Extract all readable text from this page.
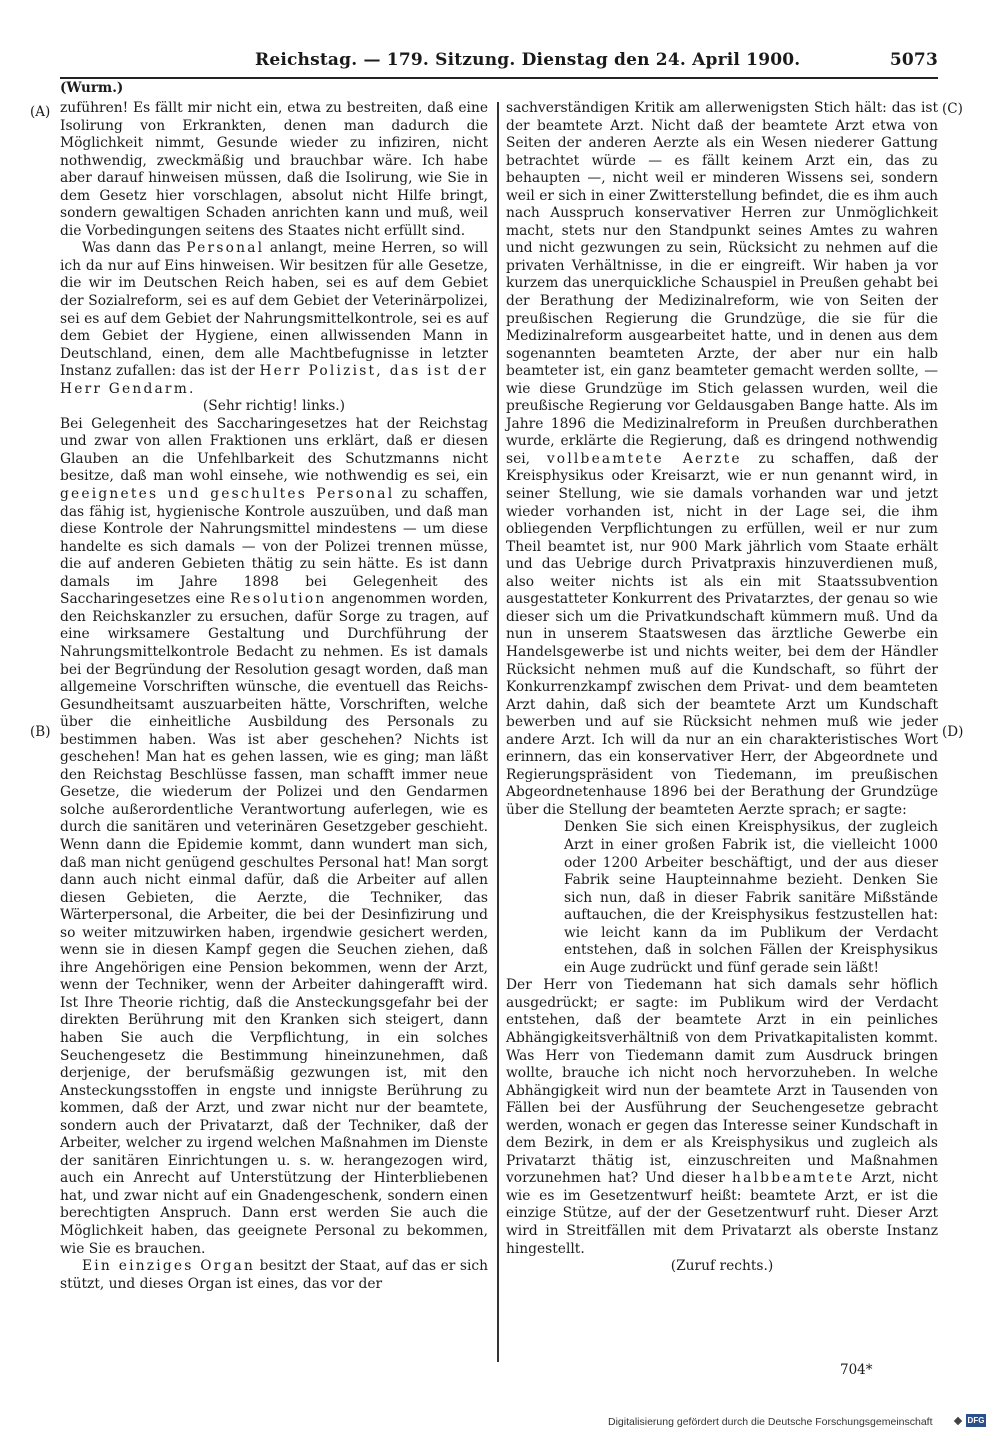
Reichstag. — 179. Sitzung. Dienstag den 24. April 1900.	5073
(Wurm.)
(A)
(B)
(C)
(D)

zuführen! Es fällt mir nicht ein, etwa zu bestreiten, daß eine Isolirung von Erkrankten, denen man dadurch die Möglichkeit nimmt, Gesunde wieder zu infiziren, nicht nothwendig, zweckmäßig und brauchbar wäre. Ich habe aber darauf hinweisen müssen, daß die Isolirung, wie Sie in dem Gesetz hier vorschlagen, absolut nicht Hilfe bringt, sondern gewaltigen Schaden anrichten kann und muß, weil die Vorbedingungen seitens des Staates nicht erfüllt sind.

Was dann das Personal anlangt, meine Herren, so will ich da nur auf Eins hinweisen. Wir besitzen für alle Gesetze, die wir im Deutschen Reich haben, sei es auf dem Gebiet der Sozialreform, sei es auf dem Gebiet der Veterinärpolizei, sei es auf dem Gebiet der Nahrungsmittelkontrole, sei es auf dem Gebiet der Hygiene, einen allwissenden Mann in Deutschland, einen, dem alle Machtbefugnisse in letzter Instanz zufallen: das ist der Herr Polizist, das ist der Herr Gendarm.

(Sehr richtig! links.)

Bei Gelegenheit des Saccharingesetzes hat der Reichstag und zwar von allen Fraktionen uns erklärt, daß er diesen Glauben an die Unfehlbarkeit des Schutzmanns nicht besitze, daß man wohl einsehe, wie nothwendig es sei, ein geeignetes und geschultes Personal zu schaffen, das fähig ist, hygienische Kontrole auszuüben, und daß man diese Kontrole der Nahrungsmittel mindestens — um diese handelte es sich damals — von der Polizei trennen müsse, die auf anderen Gebieten thätig zu sein hätte. Es ist dann damals im Jahre 1898 bei Gelegenheit des Saccharingesetzes eine Resolution angenommen worden, den Reichskanzler zu ersuchen, dafür Sorge zu tragen, auf eine wirksamere Gestaltung und Durchführung der Nahrungsmittelkontrole Bedacht zu nehmen. Es ist damals bei der Begründung der Resolution gesagt worden, daß man allgemeine Vorschriften wünsche, die eventuell das Reichs-Gesundheitsamt auszuarbeiten hätte, Vorschriften, welche über die einheitliche Ausbildung des Personals zu bestimmen haben. Was ist aber geschehen? Nichts ist geschehen! Man hat es gehen lassen, wie es ging; man läßt den Reichstag Beschlüsse fassen, man schafft immer neue Gesetze, die wiederum der Polizei und den Gendarmen solche außerordentliche Verantwortung auferlegen, wie es durch die sanitären und veterinären Gesetzgeber geschieht. Wenn dann die Epidemie kommt, dann wundert man sich, daß man nicht genügend geschultes Personal hat! Man sorgt dann auch nicht einmal dafür, daß die Arbeiter auf allen diesen Gebieten, die Aerzte, die Techniker, das Wärterpersonal, die Arbeiter, die bei der Desinfizirung und so weiter mitzuwirken haben, irgendwie gesichert werden, wenn sie in diesen Kampf gegen die Seuchen ziehen, daß ihre Angehörigen eine Pension bekommen, wenn der Arzt, wenn der Techniker, wenn der Arbeiter dahingerafft wird. Ist Ihre Theorie richtig, daß die Ansteckungsgefahr bei der direkten Berührung mit den Kranken sich steigert, dann haben Sie auch die Verpflichtung, in ein solches Seuchengesetz die Bestimmung hineinzunehmen, daß derjenige, der berufsmäßig gezwungen ist, mit den Ansteckungsstoffen in engste und innigste Berührung zu kommen, daß der Arzt, und zwar nicht nur der beamtete, sondern auch der Privatarzt, daß der Techniker, daß der Arbeiter, welcher zu irgend welchen Maßnahmen im Dienste der sanitären Einrichtungen u. s. w. herangezogen wird, auch ein Anrecht auf Unterstützung der Hinterbliebenen hat, und zwar nicht auf ein Gnadengeschenk, sondern einen berechtigten Anspruch. Dann erst werden Sie auch die Möglichkeit haben, das geeignete Personal zu bekommen, wie Sie es brauchen.

Ein einziges Organ besitzt der Staat, auf das er sich stützt, und dieses Organ ist eines, das vor der

sachverständigen Kritik am allerwenigsten Stich hält: das ist der beamtete Arzt. Nicht daß der beamtete Arzt etwa von Seiten der anderen Aerzte als ein Wesen niederer Gattung betrachtet würde — es fällt keinem Arzt ein, das zu behaupten —, nicht weil er minderen Wissens sei, sondern weil er sich in einer Zwitterstellung befindet, die es ihm auch nach Ausspruch konservativer Herren zur Unmöglichkeit macht, stets nur den Standpunkt seines Amtes zu wahren und nicht gezwungen zu sein, Rücksicht zu nehmen auf die privaten Verhältnisse, in die er eingreift. Wir haben ja vor kurzem das unerquickliche Schauspiel in Preußen gehabt bei der Berathung der Medizinalreform, wie von Seiten der preußischen Regierung die Grundzüge, die sie für die Medizinalreform ausgearbeitet hatte, und in denen aus dem sogenannten beamteten Arzte, der aber nur ein halb beamteter ist, ein ganz beamteter gemacht werden sollte, — wie diese Grundzüge im Stich gelassen wurden, weil die preußische Regierung vor Geldausgaben Bange hatte. Als im Jahre 1896 die Medizinalreform in Preußen durchberathen wurde, erklärte die Regierung, daß es dringend nothwendig sei, vollbeamtete Aerzte zu schaffen, daß der Kreisphysikus oder Kreisarzt, wie er nun genannt wird, in seiner Stellung, wie sie damals vorhanden war und jetzt wieder vorhanden ist, nicht in der Lage sei, die ihm obliegenden Verpflichtungen zu erfüllen, weil er nur zum Theil beamtet ist, nur 900 Mark jährlich vom Staate erhält und das Uebrige durch Privatpraxis hinzuverdienen muß, also weiter nichts ist als ein mit Staatssubvention ausgestatteter Konkurrent des Privatarztes, der genau so wie dieser sich um die Privatkundschaft kümmern muß. Und da nun in unserem Staatswesen das ärztliche Gewerbe ein Handelsgewerbe ist und nichts weiter, bei dem der Händler Rücksicht nehmen muß auf die Kundschaft, so führt der Konkurrenzkampf zwischen dem Privat- und dem beamteten Arzt dahin, daß sich der beamtete Arzt um Kundschaft bewerben und auf sie Rücksicht nehmen muß wie jeder andere Arzt. Ich will da nur an ein charakteristisches Wort erinnern, das ein konservativer Herr, der Abgeordnete und Regierungspräsident von Tiedemann, im preußischen Abgeordnetenhause 1896 bei der Berathung der Grundzüge über die Stellung der beamteten Aerzte sprach; er sagte:

Denken Sie sich einen Kreisphysikus, der zugleich Arzt in einer großen Fabrik ist, die vielleicht 1000 oder 1200 Arbeiter beschäftigt, und der aus dieser Fabrik seine Haupteinnahme bezieht. Denken Sie sich nun, daß in dieser Fabrik sanitäre Mißstände auftauchen, die der Kreisphysikus festzustellen hat: wie leicht kann da im Publikum der Verdacht entstehen, daß in solchen Fällen der Kreisphysikus ein Auge zudrückt und fünf gerade sein läßt!

Der Herr von Tiedemann hat sich damals sehr höflich ausgedrückt; er sagte: im Publikum wird der Verdacht entstehen, daß der beamtete Arzt in ein peinliches Abhängigkeitsverhältniß von dem Privatkapitalisten kommt. Was Herr von Tiedemann damit zum Ausdruck bringen wollte, brauche ich nicht noch hervorzuheben. In welche Abhängigkeit wird nun der beamtete Arzt in Tausenden von Fällen bei der Ausführung der Seuchengesetze gebracht werden, wonach er gegen das Interesse seiner Kundschaft in dem Bezirk, in dem er als Kreisphysikus und zugleich als Privatarzt thätig ist, einzuschreiten und Maßnahmen vorzunehmen hat? Und dieser halbbeamtete Arzt, nicht wie es im Gesetzentwurf heißt: beamtete Arzt, er ist die einzige Stütze, auf der der Gesetzentwurf ruht. Dieser Arzt wird in Streitfällen mit dem Privatarzt als oberste Instanz hingestellt.

(Zuruf rechts.)

704*
Digitalisierung gefördert durch die Deutsche Forschungsgemeinschaft	DFG
